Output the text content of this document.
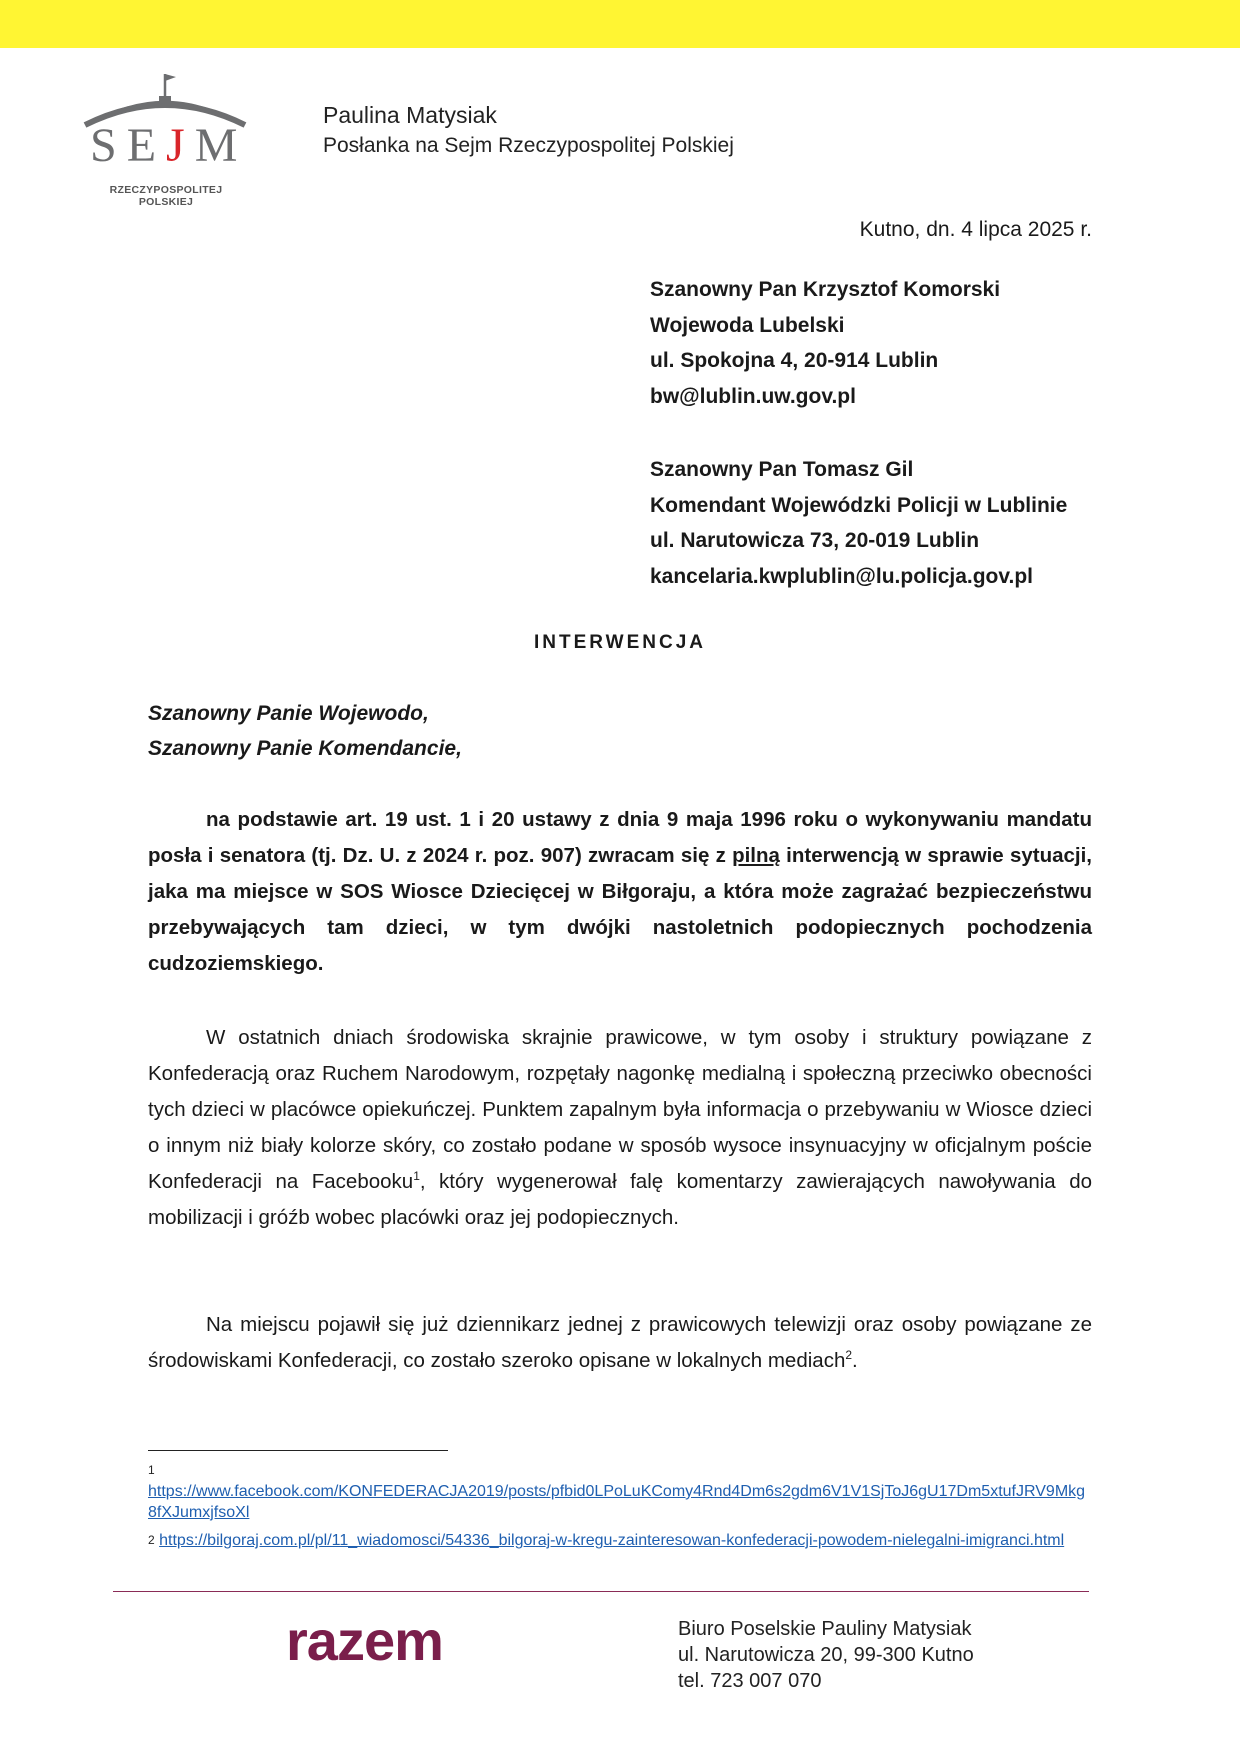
SEJM
RZECZYPOSPOLITEJ POLSKIEJ
Paulina Matysiak
Posłanka na Sejm Rzeczypospolitej Polskiej
Kutno, dn. 4 lipca 2025 r.
Szanowny Pan Krzysztof Komorski
Wojewoda Lubelski
ul. Spokojna 4, 20-914 Lublin
bw@lublin.uw.gov.pl
Szanowny Pan Tomasz Gil
Komendant Wojewódzki Policji w Lublinie
ul. Narutowicza 73, 20-019 Lublin
kancelaria.kwplublin@lu.policja.gov.pl
INTERWENCJA
Szanowny Panie Wojewodo,
Szanowny Panie Komendancie,
na podstawie art. 19 ust. 1 i 20 ustawy z dnia 9 maja 1996 roku o wykonywaniu mandatu posła i senatora (tj. Dz. U. z 2024 r. poz. 907) zwracam się z pilną interwencją w sprawie sytuacji, jaka ma miejsce w SOS Wiosce Dziecięcej w Biłgoraju, a która może zagrażać bezpieczeństwu przebywających tam dzieci, w tym dwójki nastoletnich podopiecznych pochodzenia cudzoziemskiego.
W ostatnich dniach środowiska skrajnie prawicowe, w tym osoby i struktury powiązane z Konfederacją oraz Ruchem Narodowym, rozpętały nagonkę medialną i społeczną przeciwko obecności tych dzieci w placówce opiekuńczej. Punktem zapalnym była informacja o przebywaniu w Wiosce dzieci o innym niż biały kolorze skóry, co zostało podane w sposób wysoce insynuacyjny w oficjalnym poście Konfederacji na Facebooku$^1$, który wygenerował falę komentarzy zawierających nawoływania do mobilizacji i gróźb wobec placówki oraz jej podopiecznych.
Na miejscu pojawił się już dziennikarz jednej z prawicowych telewizji oraz osoby powiązane ze środowiskami Konfederacji, co zostało szeroko opisane w lokalnych mediach$^2$.
1
https://www.facebook.com/KONFEDERACJA2019/posts/pfbid0LPoLuKComy4Rnd4Dm6s2gdm6V1V1SjToJ6gU17Dm5xtufJRV9Mkg8fXJumxjfsoXl
$^2$ https://bilgoraj.com.pl/pl/11_wiadomosci/54336_bilgoraj-w-kregu-zainteresowan-konfederacji-powodem-nielegalni-imigranci.html
razem	Biuro Poselskie Pauliny Matysiak
ul. Narutowicza 20, 99-300 Kutno
tel. 723 007 070
